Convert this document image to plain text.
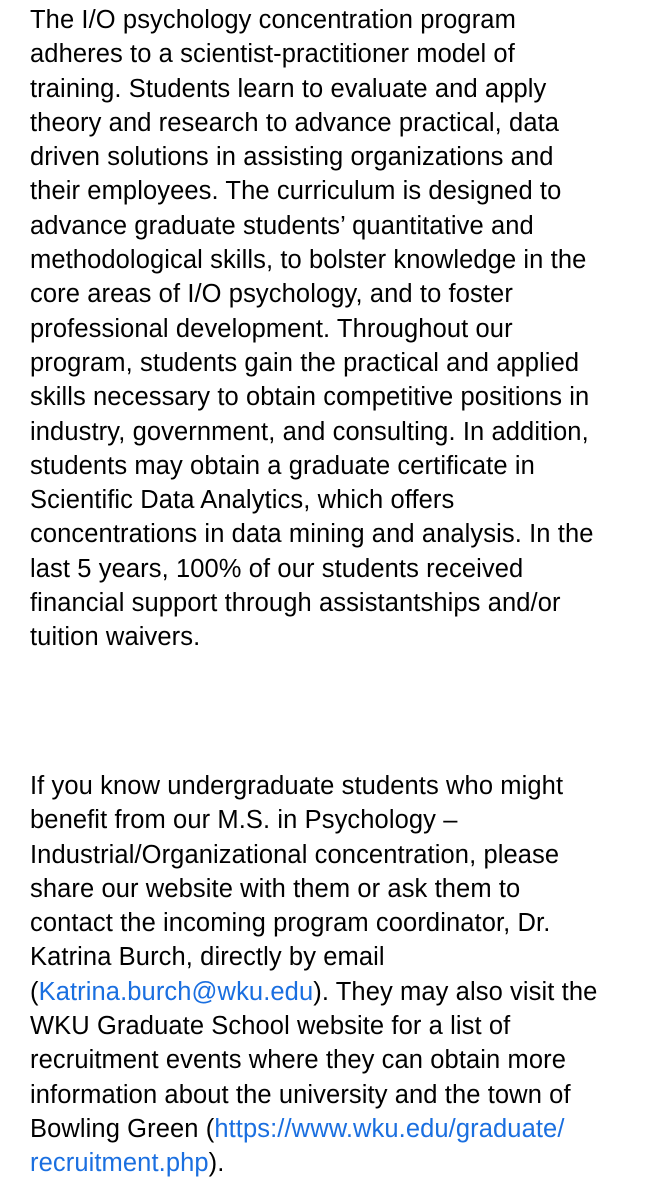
The I/O psychology concentration program
adheres to a scientist-practitioner model of
training. Students learn to evaluate and apply
theory and research to advance practical, data
driven solutions in assisting organizations and
their employees. The curriculum is designed to
advance graduate students’ quantitative and
methodological skills, to bolster knowledge in the
core areas of I/O psychology, and to foster
professional development. Throughout our
program, students gain the practical and applied
skills necessary to obtain competitive positions in
industry, government, and consulting. In addition,
students may obtain a graduate certificate in
Scientific Data Analytics, which offers
concentrations in data mining and analysis. In the
last 5 years, 100% of our students received
financial support through assistantships and/or
tuition waivers.
If you know undergraduate students who might
benefit from our M.S. in Psychology –
Industrial/Organizational concentration, please
share our website with them or ask them to
contact the incoming program coordinator, Dr.
Katrina Burch, directly by email
(Katrina.burch@wku.edu). They may also visit the
WKU Graduate School website for a list of
recruitment events where they can obtain more
information about the university and the town of
Bowling Green (https://www.wku.edu/graduate/
recruitment.php).
